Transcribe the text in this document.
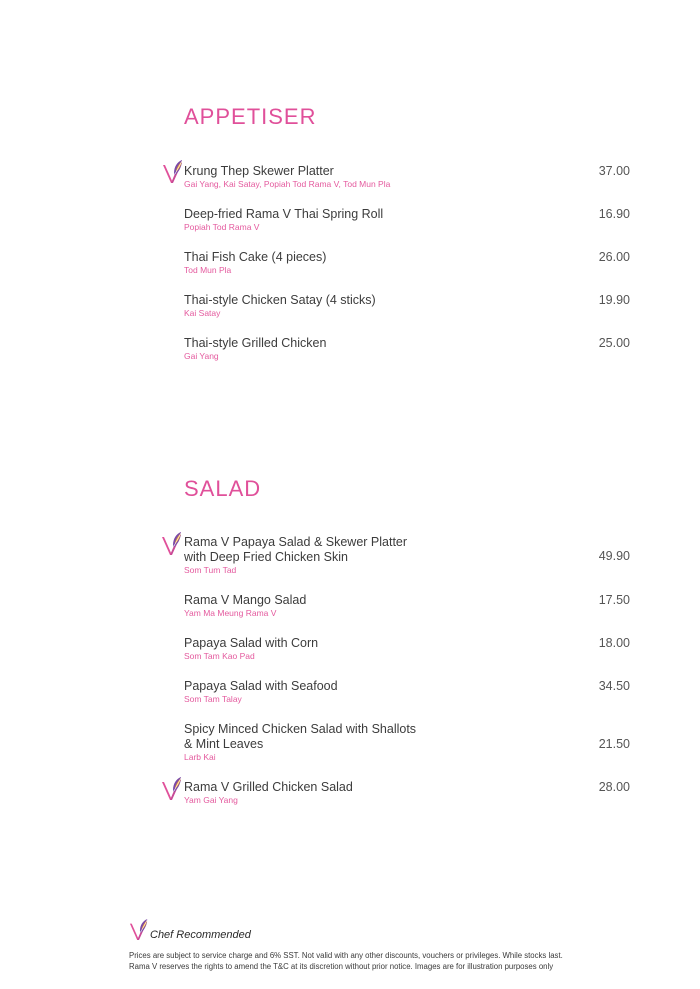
APPETISER
37.00
Krung Thep Skewer Platter
Gai Yang, Kai Satay, Popiah Tod Rama V, Tod Mun Pla
16.90
Deep-fried Rama V Thai Spring Roll
Popiah Tod Rama V
26.00
Thai Fish Cake (4 pieces)
Tod Mun Pla
19.90
Thai-style Chicken Satay (4 sticks)
Kai Satay
25.00
Thai-style Grilled Chicken
Gai Yang
SALAD
49.90
Rama V Papaya Salad & Skewer Platter
with Deep Fried Chicken Skin
Som Tum Tad
17.50
Rama V Mango Salad
Yam Ma Meung Rama V
18.00
Papaya Salad with Corn
Som Tam Kao Pad
34.50
Papaya Salad with Seafood
Som Tam Talay
21.50
Spicy Minced Chicken Salad with Shallots
& Mint Leaves
Larb Kai
28.00
Rama V Grilled Chicken Salad
Yam Gai Yang
Chef Recommended
Prices are subject to service charge and 6% SST. Not valid with any other discounts, vouchers or privileges. While stocks last.
Rama V reserves the rights to amend the T&C at its discretion without prior notice. Images are for illustration purposes only
